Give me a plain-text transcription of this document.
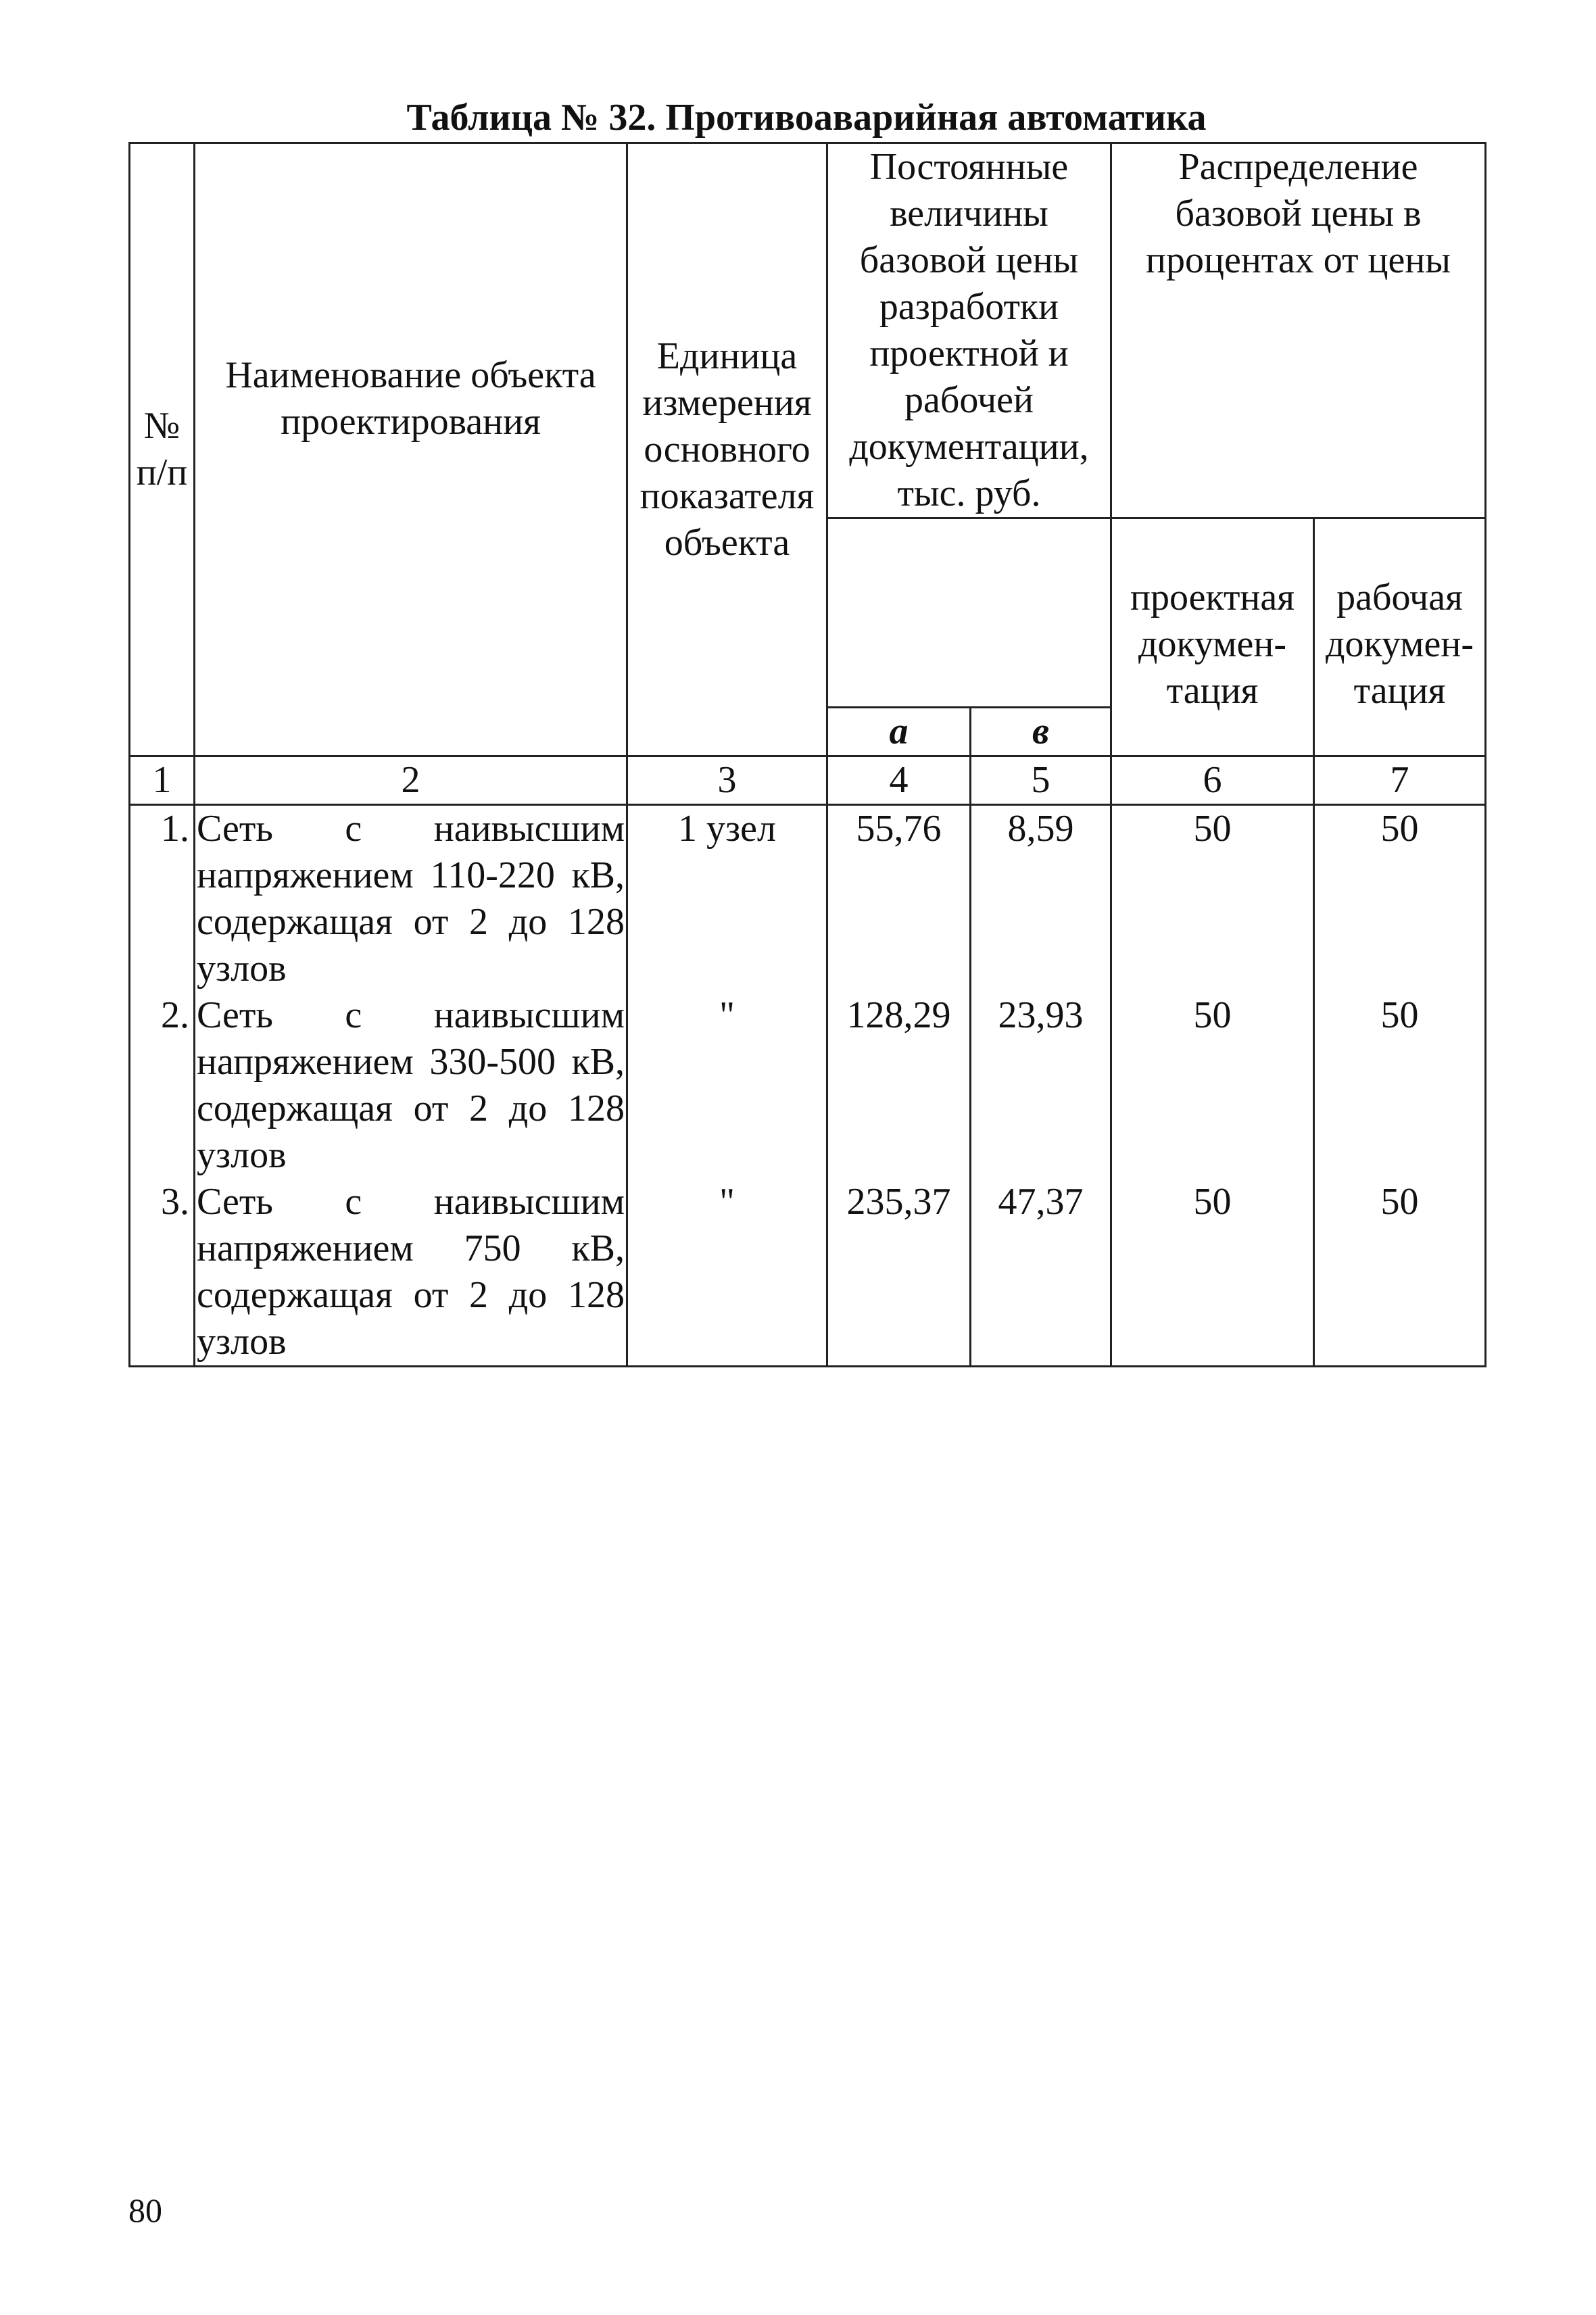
Таблица № 32. Противоаварийная автоматика
№ п/п	Наименование объекта проектирования	Единица измерения основного показателя объекта	Постоянные величины базовой цены разработки проектной и рабочей документации, тыс. руб.		Распределение базовой цены в процентах от цены	
					проектная докумен- тация	рабочая докумен- тация
			а	в		
1	2	3	4	5	6	7
1.	Сеть с наивысшим напряжением 110-220 кВ, содержащая от 2 до 128 узлов	1 узел	55,76	8,59	50	50
2.	Сеть с наивысшим напряжением 330-500 кВ, содержащая от 2 до 128 узлов	"	128,29	23,93	50	50
3.	Сеть с наивысшим напряжением 750 кВ, содержащая от 2 до 128 узлов	"	235,37	47,37	50	50
80
